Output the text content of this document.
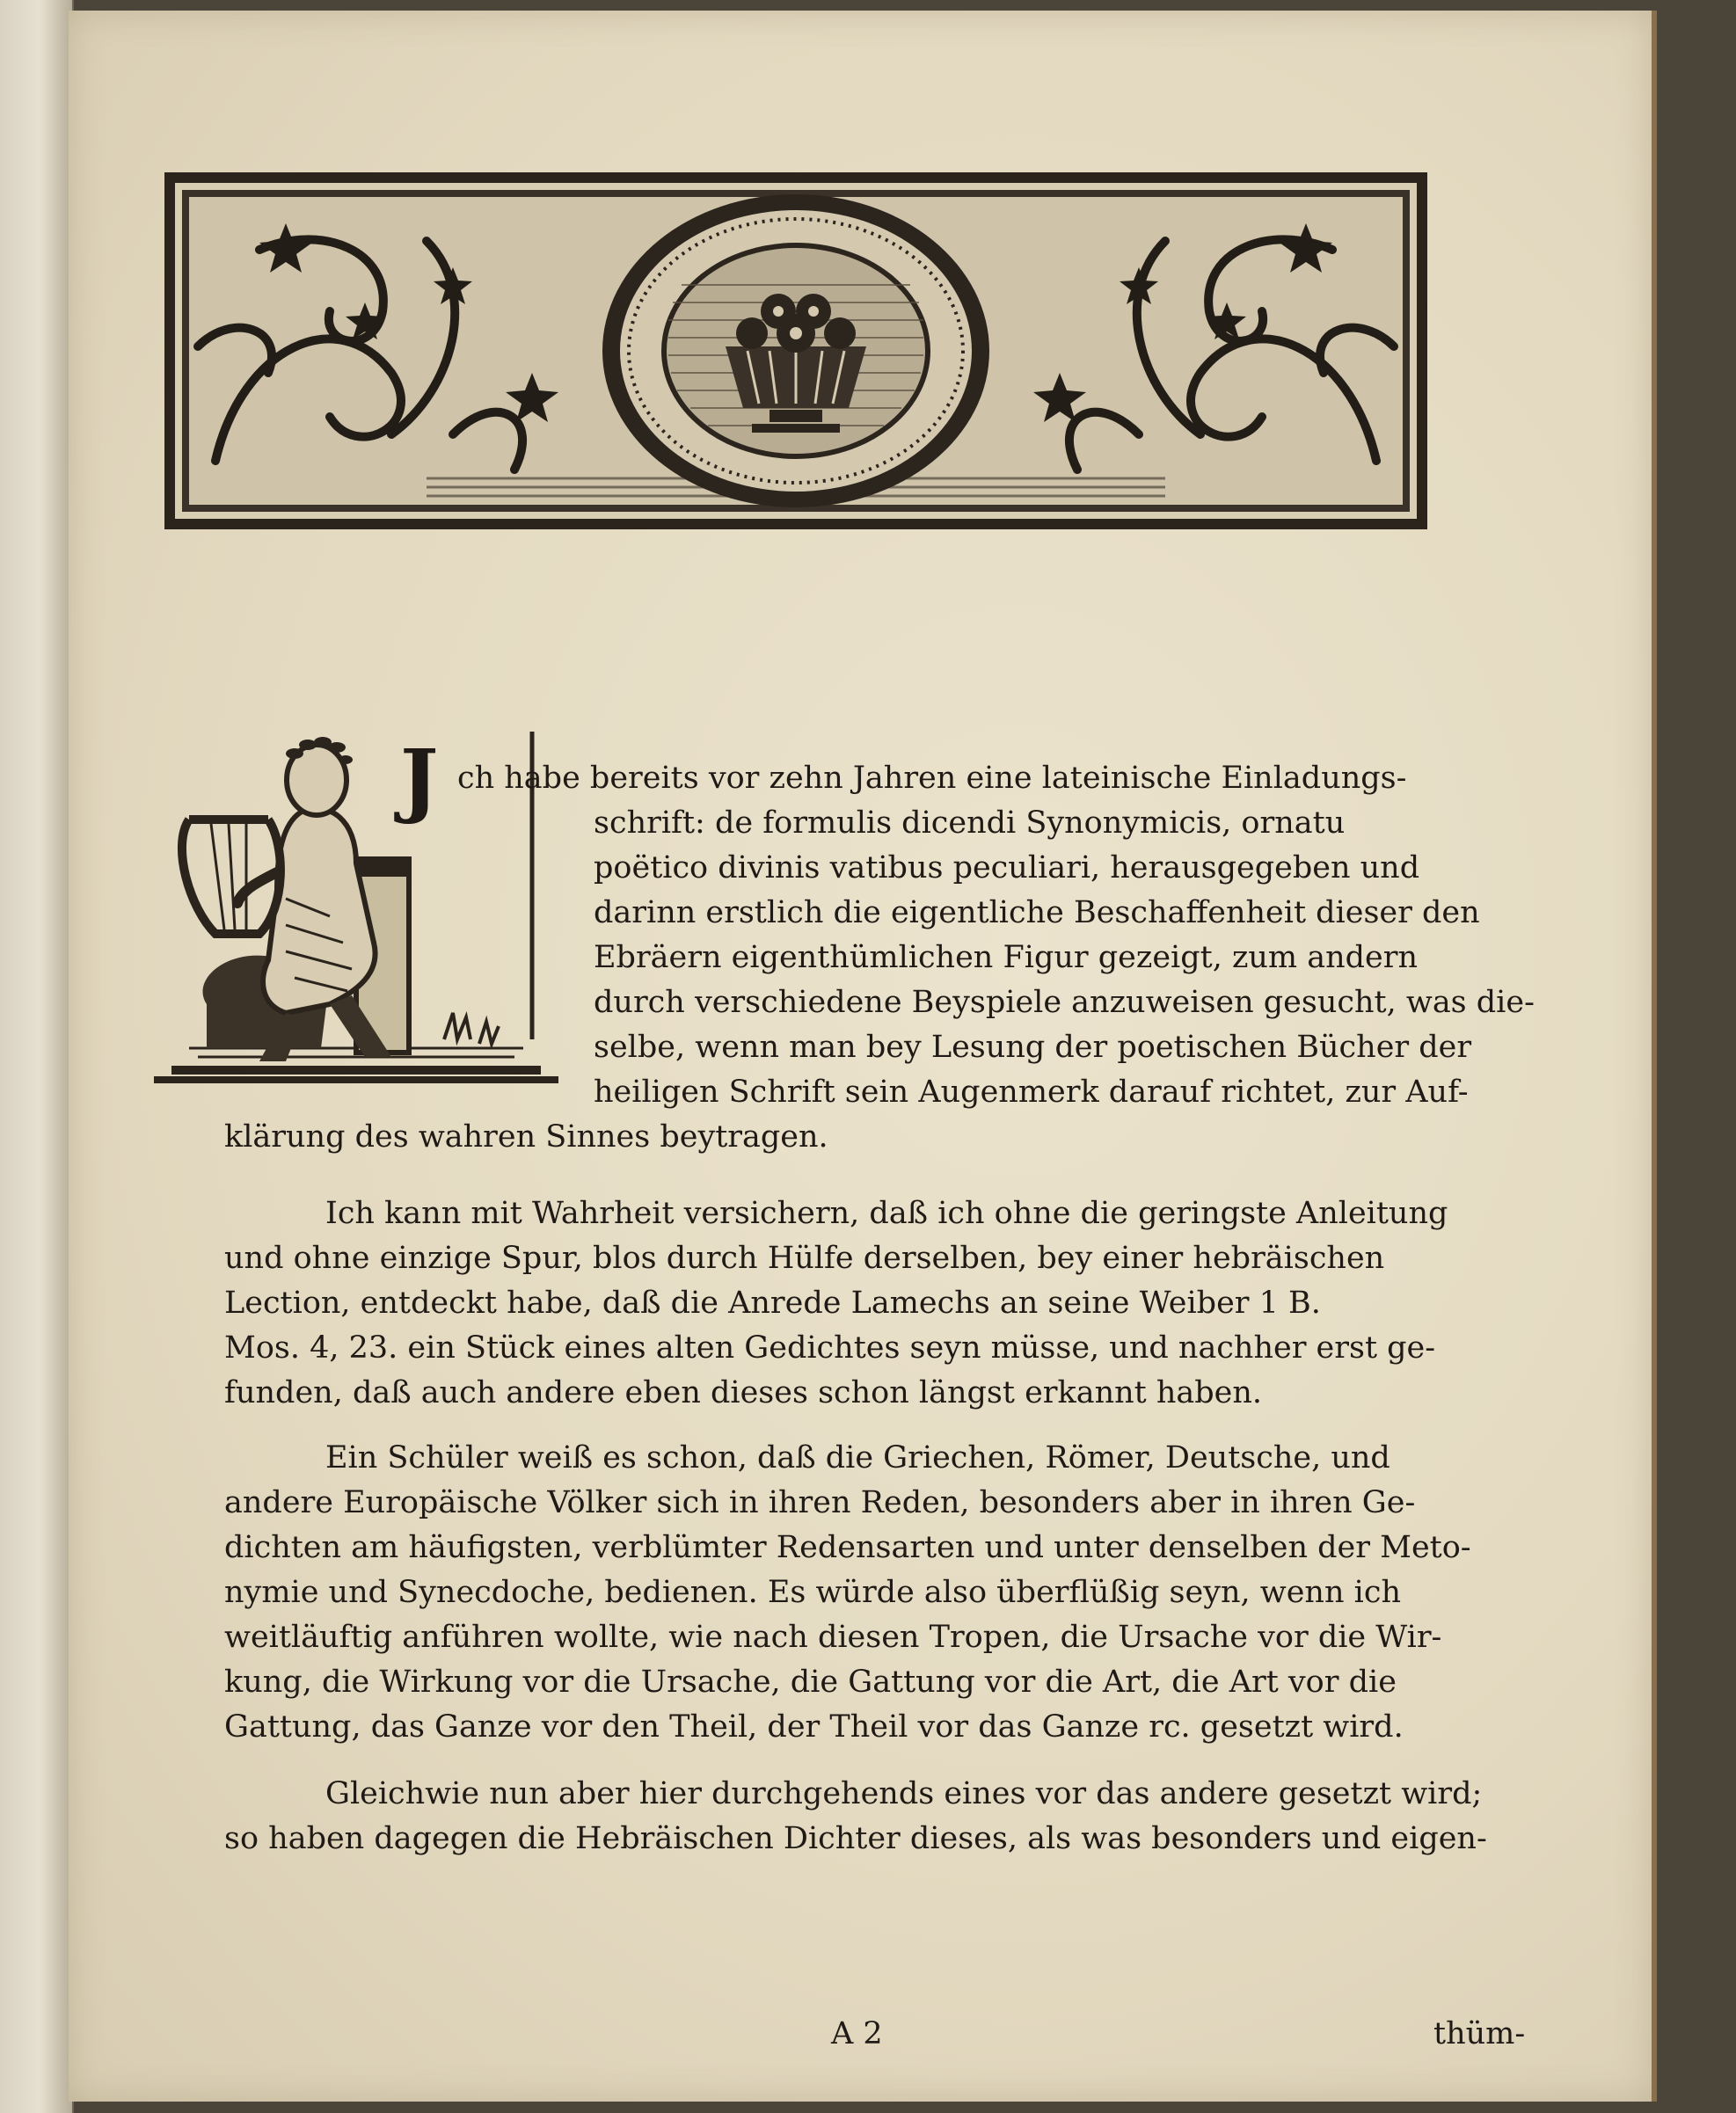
J ch habe bereits vor zehn Jahren eine lateinische Einladungs-
schrift: de formulis dicendi Synonymicis, ornatu
poëtico divinis vatibus peculiari, herausgegeben und
darinn erstlich die eigentliche Beschaffenheit dieser den
Ebräern eigenthümlichen Figur gezeigt, zum andern
durch verschiedene Beyspiele anzuweisen gesucht, was die-
selbe, wenn man bey Lesung der poetischen Bücher der
heiligen Schrift sein Augenmerk darauf richtet, zur Auf-
klärung des wahren Sinnes beytragen.
Ich kann mit Wahrheit versichern, daß ich ohne die geringste Anleitung
und ohne einzige Spur, blos durch Hülfe derselben, bey einer hebräischen
Lection, entdeckt habe, daß die Anrede Lamechs an seine Weiber 1 B.
Mos. 4, 23. ein Stück eines alten Gedichtes seyn müsse, und nachher erst ge-
funden, daß auch andere eben dieses schon längst erkannt haben.
Ein Schüler weiß es schon, daß die Griechen, Römer, Deutsche, und
andere Europäische Völker sich in ihren Reden, besonders aber in ihren Ge-
dichten am häufigsten, verblümter Redensarten und unter denselben der Meto-
nymie und Synecdoche, bedienen. Es würde also überflüßig seyn, wenn ich
weitläuftig anführen wollte, wie nach diesen Tropen, die Ursache vor die Wir-
kung, die Wirkung vor die Ursache, die Gattung vor die Art, die Art vor die
Gattung, das Ganze vor den Theil, der Theil vor das Ganze rc. gesetzt wird.
Gleichwie nun aber hier durchgehends eines vor das andere gesetzt wird;
so haben dagegen die Hebräischen Dichter dieses, als was besonders und eigen-
A 2	thüm-
